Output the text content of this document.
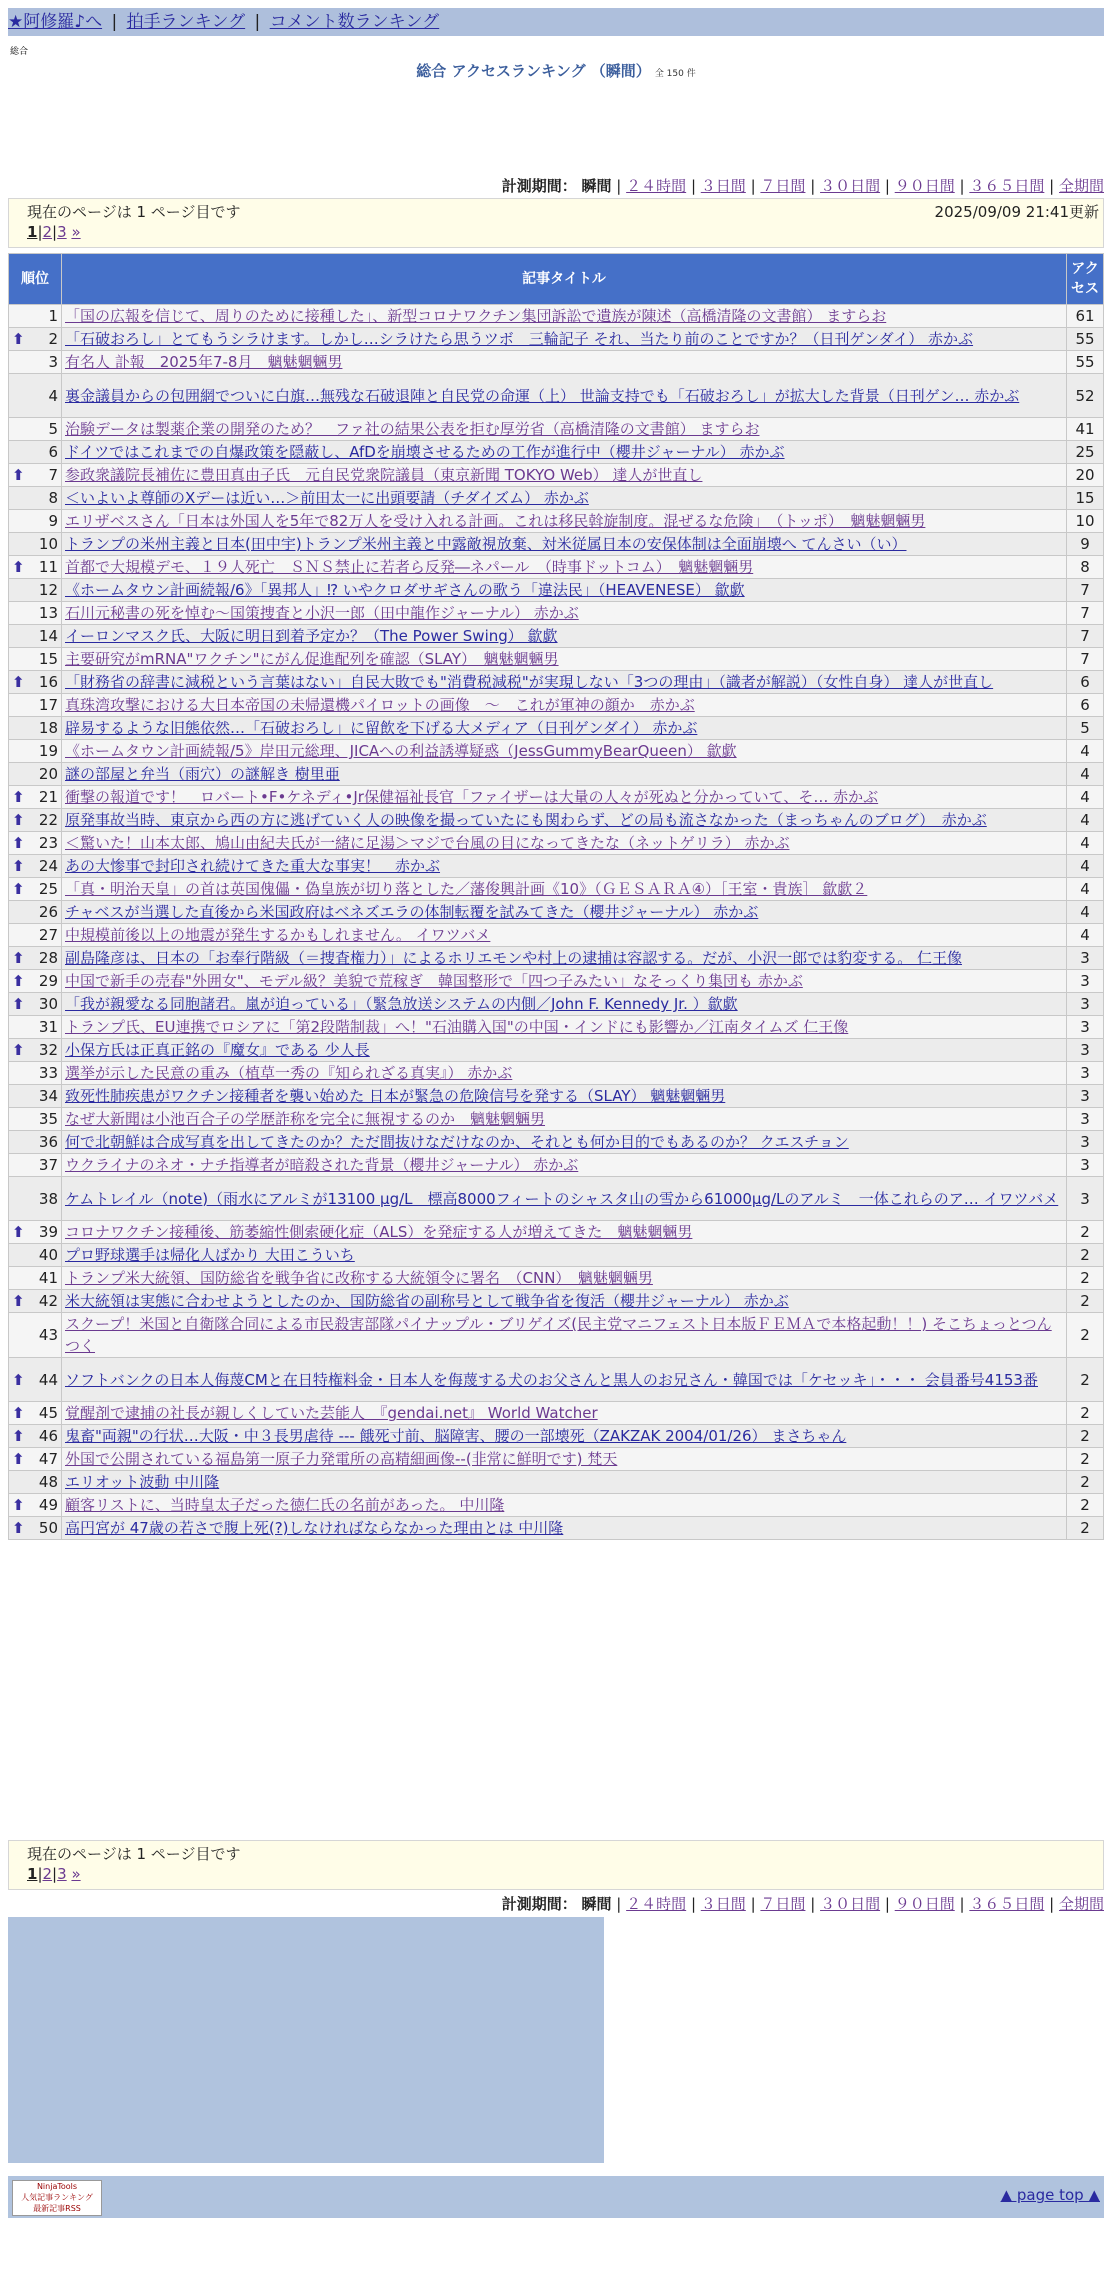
★阿修羅♪へ | 拍手ランキング | コメント数ランキング
総合
総合 アクセスランキング （瞬間） 全 150 件
計測期間： 瞬間 | ２４時間 | ３日間 | ７日間 | ３０日間 | ９０日間 | ３６５日間 | 全期間
現在のページは 1 ページ目です	2025/09/09 21:41更新
1|2|3 »
順位	記事タイトル	アクセス
1	「国の広報を信じて、周りのために接種した」、新型コロナワクチン集団訴訟で遺族が陳述（高橋清隆の文書館） ますらお	61

⬆ 2	「石破おろし」とてもうシラけます。しかし…シラけたら思うツボ　三輪記子 それ、当たり前のことですか？（日刊ゲンダイ） 赤かぶ	55
3	有名人 訃報　2025年7-8月　魑魅魍魎男	55
4	裏金議員からの包囲網でついに白旗…無残な石破退陣と自民党の命運（上） 世論支持でも「石破おろし」が拡大した背景（日刊ゲン… 赤かぶ	52
5	治験データは製薬企業の開発のため？　ファ社の結果公表を拒む厚労省（高橋清隆の文書館） ますらお	41
6	ドイツではこれまでの自爆政策を隠蔽し、AfDを崩壊させるための工作が進行中（櫻井ジャーナル） 赤かぶ	25

⬆ 7	参政衆議院長補佐に豊田真由子氏　元自民党衆院議員（東京新聞 TOKYO Web） 達人が世直し	20
8	＜いよいよ尊師のXデーは近い…＞前田太一に出頭要請（チダイズム） 赤かぶ	15
9	エリザベスさん「日本は外国人を5年で82万人を受け入れる計画。これは移民斡旋制度。混ぜるな危険」　（トッポ）　魑魅魍魎男	10
10	トランプの米州主義と日本(田中宇)トランプ米州主義と中露敵視放棄、対米従属日本の安保体制は全面崩壊へ てんさい（い）	9

⬆ 11	首都で大規模デモ、１９人死亡　ＳＮＳ禁止に若者ら反発―ネパール　（時事ドットコム）　魑魅魍魎男	8
12	《ホームタウン計画続報/6》「異邦人」⁉ いやクロダサギさんの歌う「違法民」（HEAVENESE） 歙歔	7
13	石川元秘書の死を悼む〜国策捜査と小沢一郎（田中龍作ジャーナル） 赤かぶ	7
14	イーロンマスク氏、大阪に明日到着予定か？（The Power Swing） 歙歔	7
15	主要研究がmRNA"ワクチン"にがん促進配列を確認（SLAY）　魑魅魍魎男	7

⬆ 16	「財務省の辞書に減税という言葉はない」自民大敗でも"消費税減税"が実現しない「3つの理由」（識者が解説）（女性自身） 達人が世直し	6
17	真珠湾攻撃における大日本帝国の未帰還機パイロットの画像　〜　これが軍神の顔か　赤かぶ	6
18	辟易するような旧態依然…「石破おろし」に留飲を下げる大メディア（日刊ゲンダイ） 赤かぶ	5
19	《ホームタウン計画続報/5》岸田元総理、JICAへの利益誘導疑惑（JessGummyBearQueen） 歙歔	4
20	謎の部屋と弁当（雨穴）の謎解き 樹里亜	4

⬆ 21	衝撃の報道です！　ロバート•F•ケネディ•Jr保健福祉長官「ファイザーは大量の人々が死ぬと分かっていて、そ… 赤かぶ	4

⬆ 22	原発事故当時、東京から西の方に逃げていく人の映像を撮っていたにも関わらず、どの局も流さなかった（まっちゃんのブログ）　赤かぶ	4

⬆ 23	＜驚いた！山本太郎、鳩山由紀夫氏が一緒に足湯＞マジで台風の目になってきたな（ネットゲリラ） 赤かぶ	4

⬆ 24	あの大惨事で封印され続けてきた重大な事実！　赤かぶ	4

⬆ 25	「真・明治天皇」の首は英国傀儡・偽皇族が切り落とした／藩俊興計画《10》（ＧＥＳＡＲＡ④）［王室・貴族］ 歙歔２	4
26	チャベスが当選した直後から米国政府はベネズエラの体制転覆を試みてきた（櫻井ジャーナル） 赤かぶ	4
27	中規模前後以上の地震が発生するかもしれません。 イワツバメ	4

⬆ 28	副島隆彦は、日本の「お奉行階級（＝捜査権力）」によるホリエモンや村上の逮捕は容認する。だが、小沢一郎では豹変する。 仁王像	3

⬆ 29	中国で新手の売春"外囲女"、モデル級？美貌で荒稼ぎ　韓国整形で「四つ子みたい」なそっくり集団も 赤かぶ	3

⬆ 30	「我が親愛なる同胞諸君。嵐が迫っている」（緊急放送システムの内側／John F. Kennedy Jr. ）歙歔	3
31	トランプ氏、EU連携でロシアに「第2段階制裁」へ！"石油購入国"の中国・インドにも影響か／江南タイムズ 仁王像	3

⬆ 32	小保方氏は正真正銘の『魔女』である 少人長	3
33	選挙が示した民意の重み（植草一秀の『知られざる真実』） 赤かぶ	3
34	致死性肺疾患がワクチン接種者を襲い始めた 日本が緊急の危険信号を発する（SLAY） 魑魅魍魎男	3
35	なぜ大新聞は小池百合子の学歴詐称を完全に無視するのか　魑魅魍魎男	3
36	何で北朝鮮は合成写真を出してきたのか？ただ間抜けなだけなのか、それとも何か目的でもあるのか？ クエスチョン	3
37	ウクライナのネオ・ナチ指導者が暗殺された背景（櫻井ジャーナル） 赤かぶ	3
38	ケムトレイル（note)（雨水にアルミが13100 μg/L　標高8000フィートのシャスタ山の雪から61000μg/Lのアルミ　一体これらのア… イワツバメ	3

⬆ 39	コロナワクチン接種後、筋萎縮性側索硬化症（ALS）を発症する人が増えてきた　魑魅魍魎男	2
40	プロ野球選手は帰化人ばかり 大田こういち	2
41	トランプ米大統領、国防総省を戦争省に改称する大統領令に署名　（CNN）　魑魅魍魎男	2

⬆ 42	米大統領は実態に合わせようとしたのか、国防総省の副称号として戦争省を復活（櫻井ジャーナル） 赤かぶ	2
43	スクープ！米国と自衛隊合同による市民殺害部隊パイナップル・ブリゲイズ(民主党マニフェスト日本版ＦＥＭＡで本格起動！！) そこちょっとつんつく	2

⬆ 44	ソフトバンクの日本人侮蔑CMと在日特権料金・日本人を侮蔑する犬のお父さんと黒人のお兄さん・韓国では「ケセッキ」・・・ 会員番号4153番	2

⬆ 45	覚醒剤で逮捕の社長が親しくしていた芸能人　『gendai.net』 World Watcher	2

⬆ 46	鬼畜"両親"の行状…大阪・中３長男虐待 --- 餓死寸前、脳障害、腰の一部壊死（ZAKZAK 2004/01/26） まさちゃん	2

⬆ 47	外国で公開されている福島第一原子力発電所の高精細画像--(非常に鮮明です) 梵天	2
48	エリオット波動 中川隆	2

⬆ 49	顧客リストに、当時皇太子だった徳仁氏の名前があった。 中川隆	2

⬆ 50	高円宮が 47歳の若さで腹上死(?)しなければならなかった理由とは 中川隆	2
現在のページは 1 ページ目です
1|2|3 »
計測期間： 瞬間 | ２４時間 | ３日間 | ７日間 | ３０日間 | ９０日間 | ３６５日間 | 全期間
NinjaTools
人気記事ランキング
最新記事RSS
▲ page top ▲
